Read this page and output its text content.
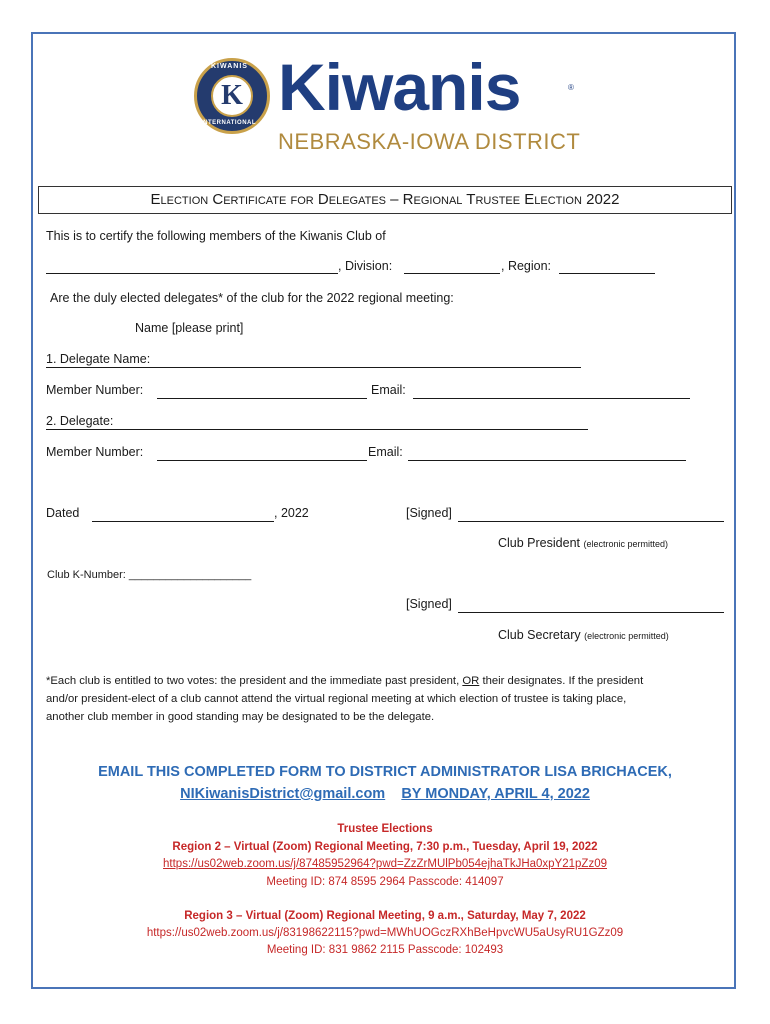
KIWANIS
K
INTERNATIONAL Kiwanis	®
NEBRASKA-IOWA DISTRICT
Election Certificate for Delegates – Regional Trustee Election 2022
This is to certify the following members of the Kiwanis Club of
, Division:	, Region:
Are the duly elected delegates* of the club for the 2022 regional meeting:
Name [please print]
1. Delegate Name:
Member Number:	Email:
2. Delegate:
Member Number:	Email:
Dated	, 2022	[Signed]
Club President (electronic permitted)
Club K-Number: ____________________
[Signed]
Club Secretary (electronic permitted)
*Each club is entitled to two votes: the president and the immediate past president, OR their designates. If the president
and/or president-elect of a club cannot attend the virtual regional meeting at which election of trustee is taking place,
another club member in good standing may be designated to be the delegate.
EMAIL THIS COMPLETED FORM TO DISTRICT ADMINISTRATOR LISA BRICHACEK,
NIKiwanisDistrict@gmail.com BY MONDAY, APRIL 4, 2022
Trustee Elections
Region 2 – Virtual (Zoom) Regional Meeting, 7:30 p.m., Tuesday, April 19, 2022
https://us02web.zoom.us/j/87485952964?pwd=ZzZrMUlPb054ejhaTkJHa0xpY21pZz09
Meeting ID: 874 8595 2964 Passcode: 414097
Region 3 – Virtual (Zoom) Regional Meeting, 9 a.m., Saturday, May 7, 2022
https://us02web.zoom.us/j/83198622115?pwd=MWhUOGczRXhBeHpvcWU5aUsyRU1GZz09
Meeting ID: 831 9862 2115 Passcode: 102493
